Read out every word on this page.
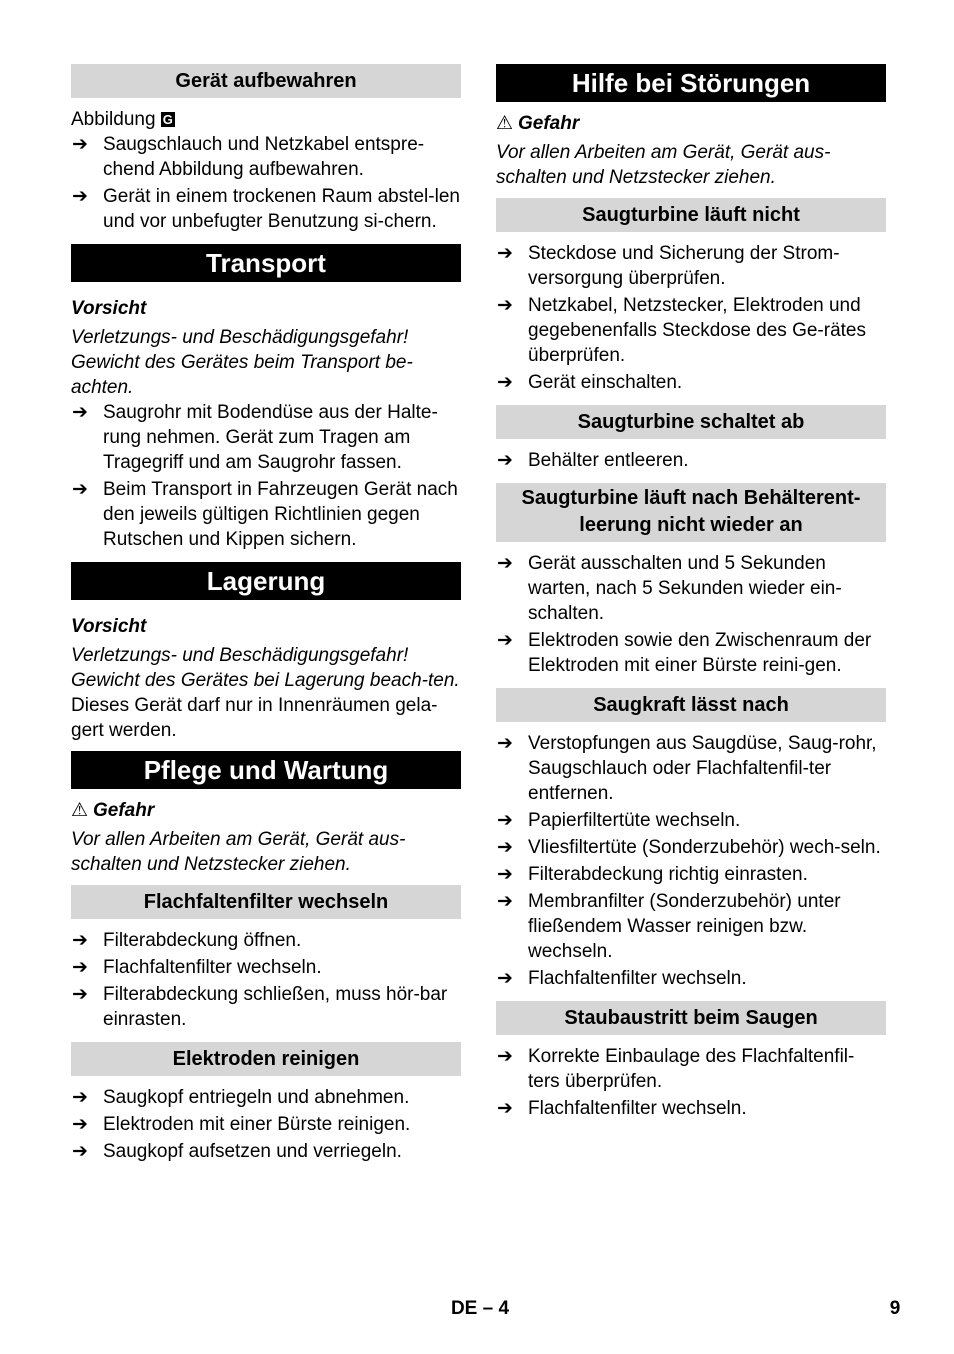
Gerät aufbewahren

Abbildung G

➔ Saugschlauch und Netzkabel entspre-chend Abbildung aufbewahren.
➔ Gerät in einem trockenen Raum abstel-len und vor unbefugter Benutzung si-chern.
Transport

Vorsicht

Verletzungs- und Beschädigungsgefahr! Gewicht des Gerätes beim Transport be-achten.

➔ Saugrohr mit Bodendüse aus der Halte-rung nehmen. Gerät zum Tragen am Tragegriff und am Saugrohr fassen.
➔ Beim Transport in Fahrzeugen Gerät nach den jeweils gültigen Richtlinien gegen Rutschen und Kippen sichern.
Lagerung

Vorsicht

Verletzungs- und Beschädigungsgefahr! Gewicht des Gerätes bei Lagerung beach-ten.

Dieses Gerät darf nur in Innenräumen gela-gert werden.

Pflege und Wartung

⚠ Gefahr

Vor allen Arbeiten am Gerät, Gerät aus-schalten und Netzstecker ziehen.

Flachfaltenfilter wechseln
➔ Filterabdeckung öffnen.
➔ Flachfaltenfilter wechseln.
➔ Filterabdeckung schließen, muss hör-bar einrasten.
Elektroden reinigen
➔ Saugkopf entriegeln und abnehmen.
➔ Elektroden mit einer Bürste reinigen.
➔ Saugkopf aufsetzen und verriegeln.
Hilfe bei Störungen

⚠ Gefahr

Vor allen Arbeiten am Gerät, Gerät aus-schalten und Netzstecker ziehen.

Saugturbine läuft nicht
➔ Steckdose und Sicherung der Strom-versorgung überprüfen.
➔ Netzkabel, Netzstecker, Elektroden und gegebenenfalls Steckdose des Ge-rätes überprüfen.
➔ Gerät einschalten.
Saugturbine schaltet ab
➔ Behälter entleeren.
Saugturbine läuft nach Behälterent-
leerung nicht wieder an
➔ Gerät ausschalten und 5 Sekunden warten, nach 5 Sekunden wieder ein-schalten.
➔ Elektroden sowie den Zwischenraum der Elektroden mit einer Bürste reini-gen.
Saugkraft lässt nach
➔ Verstopfungen aus Saugdüse, Saug-rohr, Saugschlauch oder Flachfaltenfil-ter entfernen.
➔ Papierfiltertüte wechseln.
➔ Vliesfiltertüte (Sonderzubehör) wech-seln.
➔ Filterabdeckung richtig einrasten.
➔ Membranfilter (Sonderzubehör) unter fließendem Wasser reinigen bzw. wechseln.
➔ Flachfaltenfilter wechseln.
Staubaustritt beim Saugen
➔ Korrekte Einbaulage des Flachfaltenfil-ters überprüfen.
➔ Flachfaltenfilter wechseln.
DE – 4	9
